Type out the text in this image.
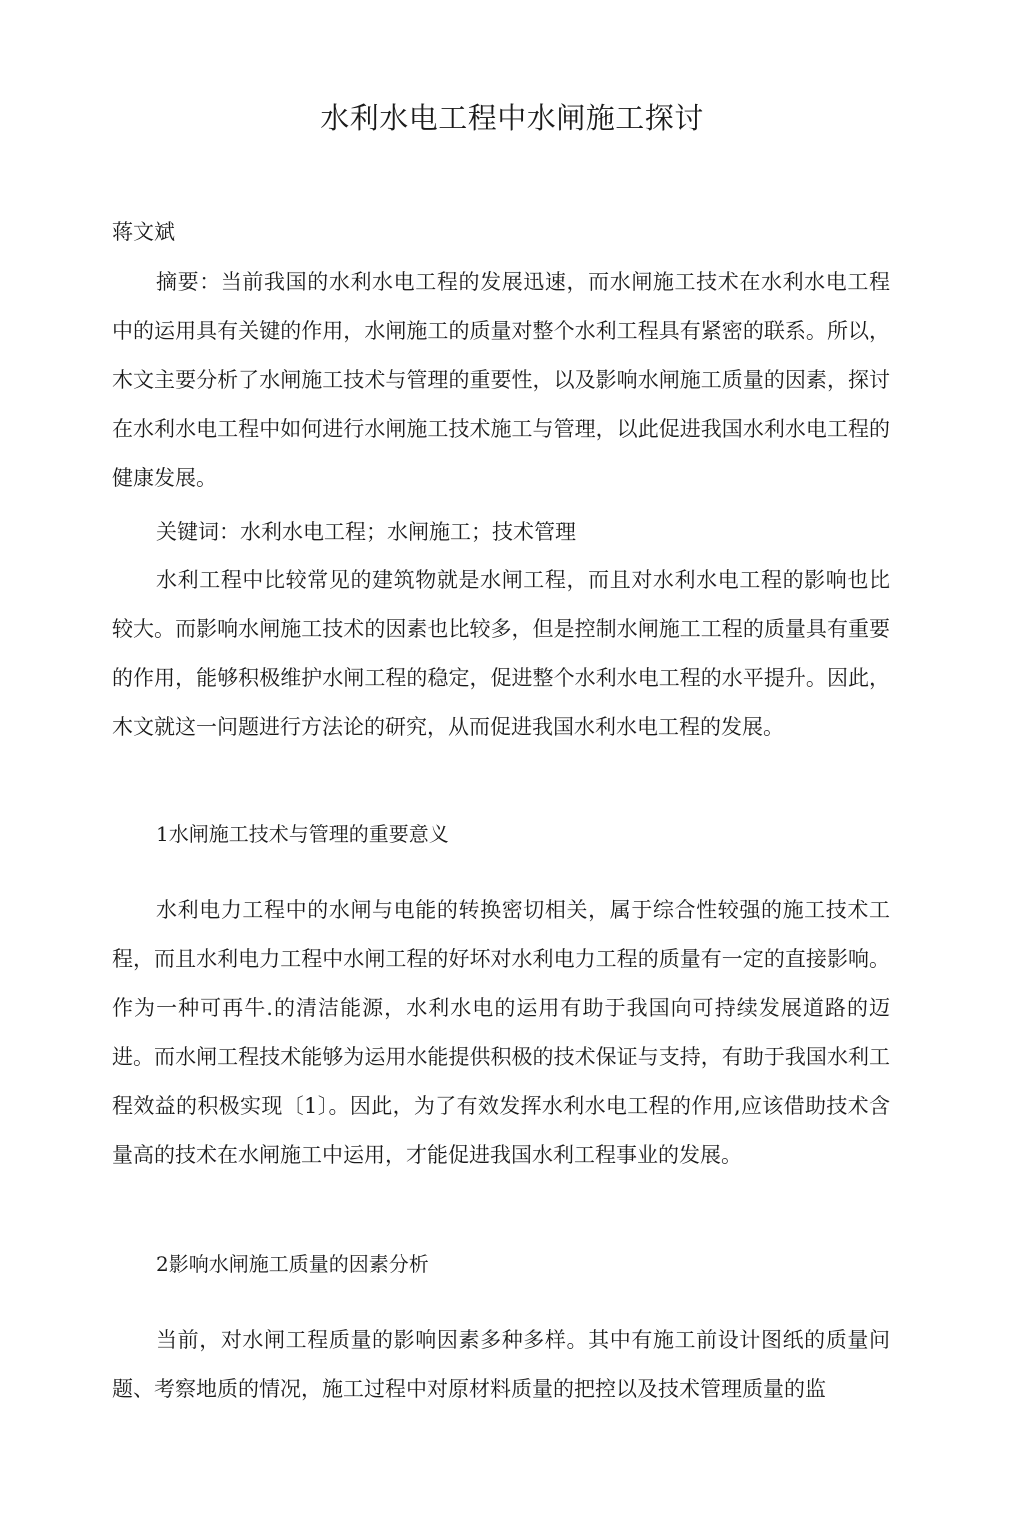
水利水电工程中水闸施工探讨
蒋文斌
摘要：当前我国的水利水电工程的发展迅速，而水闸施工技术在水利水电工程中的运用具有关键的作用，水闸施工的质量对整个水利工程具有紧密的联系。所以，木文主要分析了水闸施工技术与管理的重要性，以及影响水闸施工质量的因素，探讨在水利水电工程中如何进行水闸施工技术施工与管理，以此促进我国水利水电工程的健康发展。
关键词：水利水电工程；水闸施工；技术管理
水利工程中比较常见的建筑物就是水闸工程，而且对水利水电工程的影响也比较大。而影响水闸施工技术的因素也比较多，但是控制水闸施工工程的质量具有重要的作用，能够积极维护水闸工程的稳定，促进整个水利水电工程的水平提升。因此，木文就这一问题进行方法论的研究，从而促进我国水利水电工程的发展。
1水闸施工技术与管理的重要意义
水利电力工程中的水闸与电能的转换密切相关，属于综合性较强的施工技术工程，而且水利电力工程中水闸工程的好坏对水利电力工程的质量有一定的直接影响。作为一种可再牛.的清洁能源，水利水电的运用有助于我国向可持续发展道路的迈进。而水闸工程技术能够为运用水能提供积极的技术保证与支持，有助于我国水利工程效益的积极实现〔1〕。因此，为了有效发挥水利水电工程的作用,应该借助技术含量高的技术在水闸施工中运用，才能促进我国水利工程事业的发展。
2影响水闸施工质量的因素分析
当前，对水闸工程质量的影响因素多种多样。其中有施工前设计图纸的质量问题、考察地质的情况，施工过程中对原材料质量的把控以及技术管理质量的监
